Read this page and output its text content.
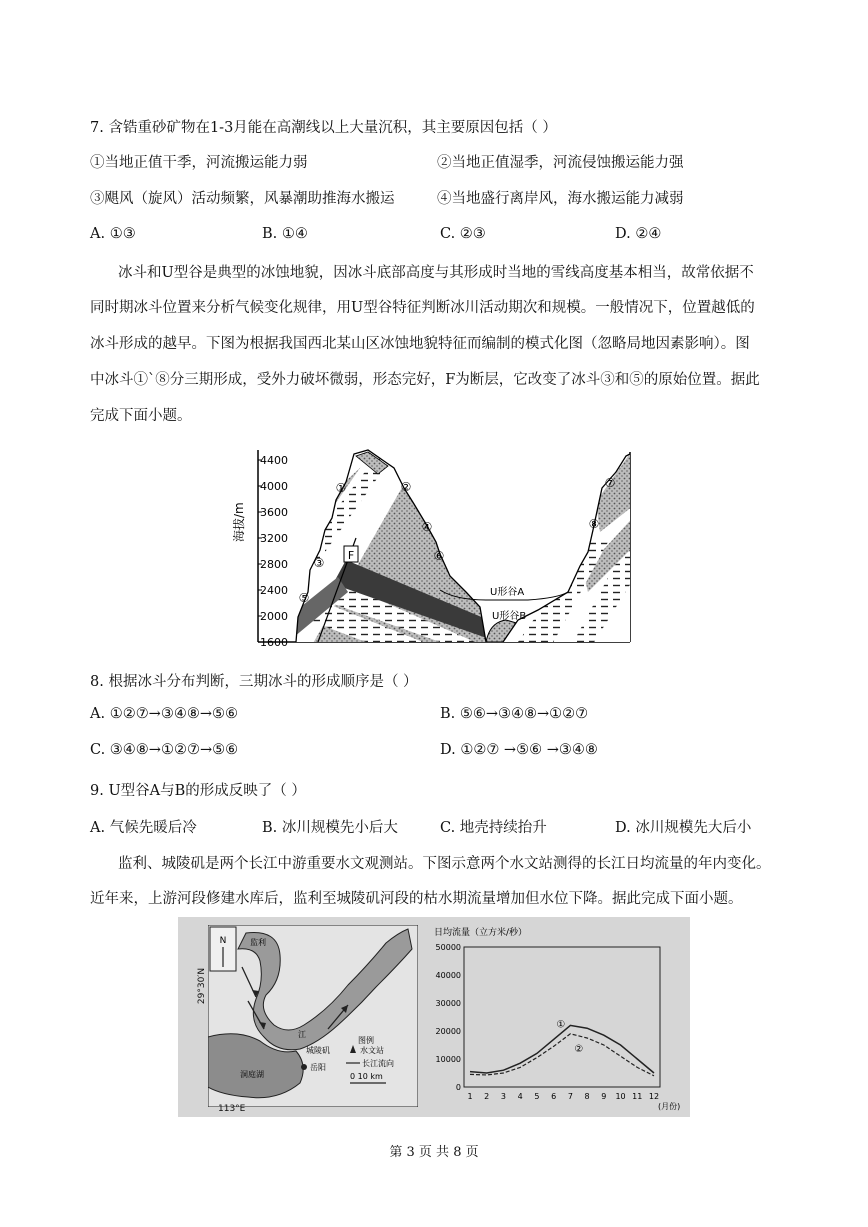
7. 含锆重砂矿物在1-3月能在高潮线以上大量沉积，其主要原因包括（ ）
①当地正值干季，河流搬运能力弱	②当地正值湿季，河流侵蚀搬运能力强
③飓风（旋风）活动频繁，风暴潮助推海水搬运	④当地盛行离岸风，海水搬运能力减弱
A. ①③	B. ①④	C. ②③	D. ②④
冰斗和U型谷是典型的冰蚀地貌，因冰斗底部高度与其形成时当地的雪线高度基本相当，故常依据不
同时期冰斗位置来分析气候变化规律，用U型谷特征判断冰川活动期次和规模。一般情况下，位置越低的
冰斗形成的越早。下图为根据我国西北某山区冰蚀地貌特征而编制的模式化图（忽略局地因素影响）。图
中冰斗①`⑧分三期形成，受外力破坏微弱，形态完好，F为断层，它改变了冰斗③和⑤的原始位置。据此
完成下面小题。
海拔/m
4400
4000
3600
3200
2800
2400
2000
1600
F
①	②
③
④
⑤
⑥
⑦
⑧
U形谷A
U形谷B
8. 根据冰斗分布判断，三期冰斗的形成顺序是（ ）
A. ①②⑦→③④⑧→⑤⑥	B. ⑤⑥→③④⑧→①②⑦
C. ③④⑧→①②⑦→⑤⑥	D. ①②⑦ →⑤⑥ →③④⑧
9. U型谷A与B的形成反映了（ ）
A. 气候先暖后冷	B. 冰川规模先小后大	C. 地壳持续抬升	D. 冰川规模先大后小
监利、城陵矶是两个长江中游重要水文观测站。下图示意两个水文站测得的长江日均流量的年内变化。
近年来，上游河段修建水库后，监利至城陵矶河段的枯水期流量增加但水位下降。据此完成下面小题。
N	监利
江
城陵矶
岳阳
洞庭湖
图例
水文站
长江流向
0 10 km
29°30′N
113°E
日均流量（立方米/秒）
50000
40000
30000
20000
10000
0
1 2 3 4 5 6 7 8 9 10 11 12
①
②
(月份)
第 3 页 共 8 页
